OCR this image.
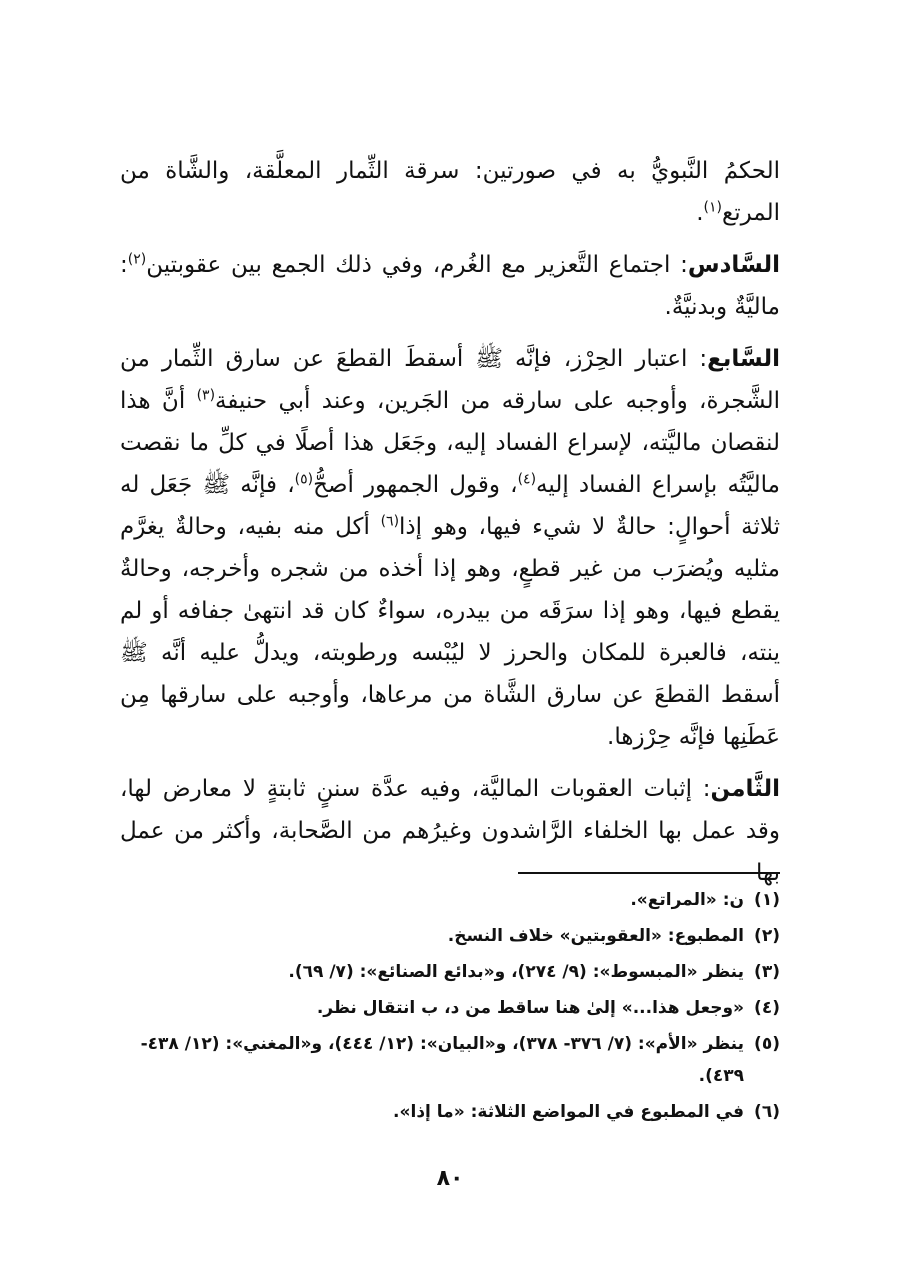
الحكمُ النَّبويُّ به في صورتين: سرقة الثِّمار المعلَّقة، والشَّاة من المرتع$^{(١)}$.

السَّادس: اجتماع التَّعزير مع الغُرم، وفي ذلك الجمع بين عقوبتين$^{(٢)}$: ماليَّةٌ وبدنيَّةٌ.

السَّابع: اعتبار الحِرْز، فإنَّه ﷺ أسقطَ القطعَ عن سارق الثِّمار من الشَّجرة، وأوجبه على سارقه من الجَرين، وعند أبي حنيفة$^{(٣)}$ أنَّ هذا لنقصان ماليَّته، لإسراع الفساد إليه، وجَعَل هذا أصلًا في كلِّ ما نقصت ماليَّتُه بإسراع الفساد إليه$^{(٤)}$، وقول الجمهور أصحُّ$^{(٥)}$، فإنَّه ﷺ جَعَل له ثلاثة أحوالٍ: حالةٌ لا شيء فيها، وهو إذا$^{(٦)}$ أكل منه بفيه، وحالةٌ يغرَّم مثليه ويُضرَب من غير قطعٍ، وهو إذا أخذه من شجره وأخرجه، وحالةٌ يقطع فيها، وهو إذا سرَقَه من بيدره، سواءٌ كان قد انتهىٰ جفافه أو لم ينته، فالعبرة للمكان والحرز لا ليُبْسه ورطوبته، ويدلُّ عليه أنَّه ﷺ أسقط القطعَ عن سارق الشَّاة من مرعاها، وأوجبه على سارقها مِن عَطَنِها فإنَّه حِرْزها.

الثَّامن: إثبات العقوبات الماليَّة، وفيه عدَّة سننٍ ثابتةٍ لا معارض لها، وقد عمل بها الخلفاء الرَّاشدون وغيرُهم من الصَّحابة، وأكثر من عمل بها

(١)
ن: «المراتع».
(٢)
المطبوع: «العقوبتين» خلاف النسخ.
(٣)
ينظر «المبسوط»: (٩/ ٢٧٤)، و«بدائع الصنائع»: (٧/ ٦٩).
(٤)
«وجعل هذا...» إلىٰ هنا ساقط من د، ب انتقال نظر.
(٥)
ينظر «الأم»: (٧/ ٣٧٦- ٣٧٨)، و«البيان»: (١٢/ ٤٤٤)، و«المغني»: (١٢/ ٤٣٨- ٤٣٩).
(٦)
في المطبوع في المواضع الثلاثة: «ما إذا».
٨٠
